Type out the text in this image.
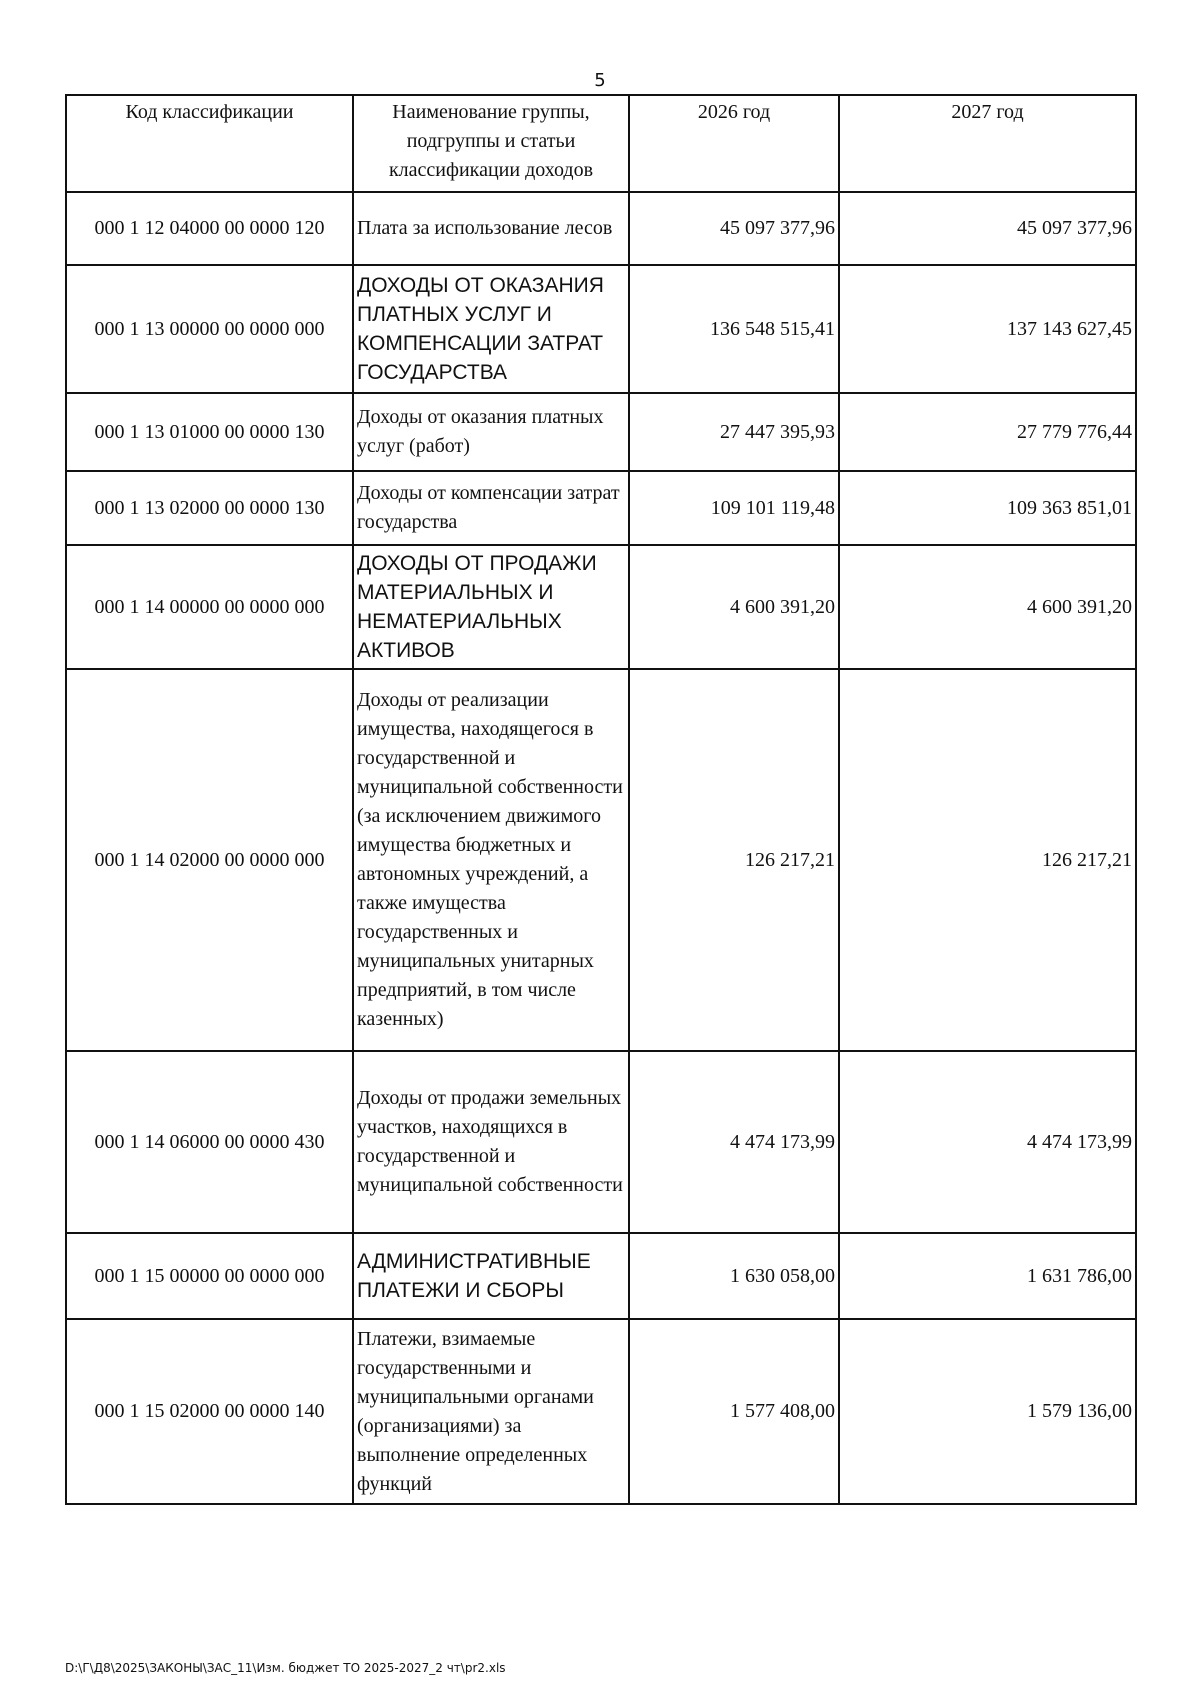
5
Код классификации	Наименование группы, подгруппы и статьи классификации доходов	2026 год	2027 год
000 1 12 04000 00 0000 120	Плата за использование лесов	45 097 377,96	45 097 377,96
000 1 13 00000 00 0000 000	ДОХОДЫ ОТ ОКАЗАНИЯ ПЛАТНЫХ УСЛУГ И КОМПЕНСАЦИИ ЗАТРАТ ГОСУДАРСТВА	136 548 515,41	137 143 627,45
000 1 13 01000 00 0000 130	Доходы от оказания платных услуг (работ)	27 447 395,93	27 779 776,44
000 1 13 02000 00 0000 130	Доходы от компенсации затрат государства	109 101 119,48	109 363 851,01
000 1 14 00000 00 0000 000	ДОХОДЫ ОТ ПРОДАЖИ МАТЕРИАЛЬНЫХ И НЕМАТЕРИАЛЬНЫХ АКТИВОВ	4 600 391,20	4 600 391,20
000 1 14 02000 00 0000 000	Доходы от реализации имущества, находящегося в государственной и муниципальной собственности (за исключением движимого имущества бюджетных и автономных учреждений, а также имущества государственных и муниципальных унитарных предприятий, в том числе казенных)	126 217,21	126 217,21
000 1 14 06000 00 0000 430	Доходы от продажи земельных участков, находящихся в государственной и муниципальной собственности	4 474 173,99	4 474 173,99
000 1 15 00000 00 0000 000	АДМИНИСТРАТИВНЫЕ ПЛАТЕЖИ И СБОРЫ	1 630 058,00	1 631 786,00
000 1 15 02000 00 0000 140	Платежи, взимаемые государственными и муниципальными органами (организациями) за выполнение определенных функций	1 577 408,00	1 579 136,00
D:\Г\Д8\2025\ЗАКОНЫ\ЗАС_11\Изм. бюджет ТО 2025-2027_2 чт\pr2.xls
